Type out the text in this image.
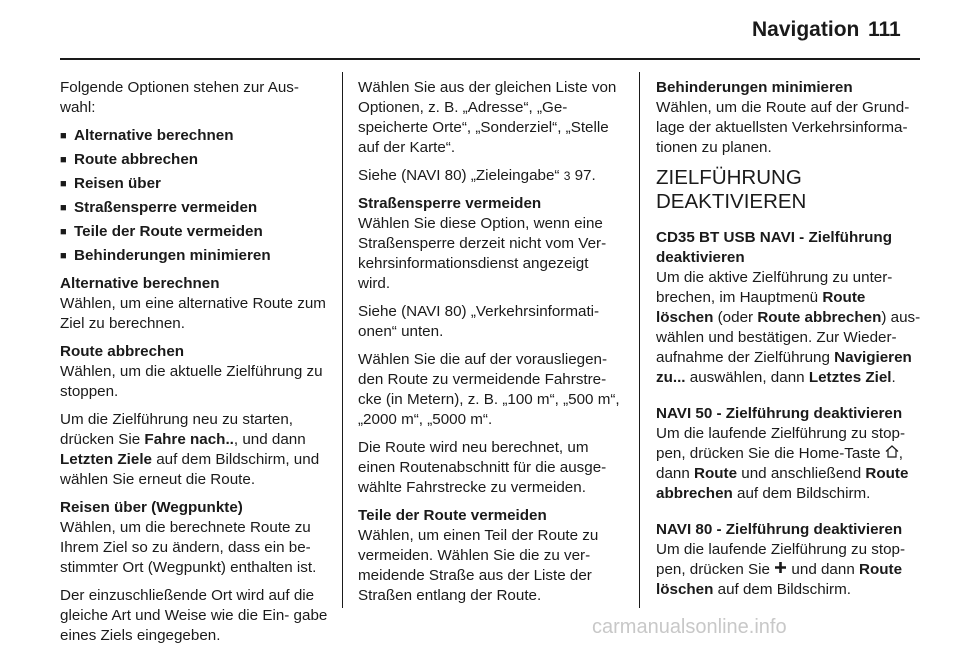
Navigation 111

Folgende Optionen stehen zur Aus- wahl:

■ Alternative berechnen
■ Route abbrechen
■ Reisen über
■ Straßensperre vermeiden
■ Teile der Route vermeiden
■ Behinderungen minimieren
Alternative berechnen
Wählen, um eine alternative Route zum Ziel zu berechnen.
Route abbrechen
Wählen, um die aktuelle Zielführung zu stoppen.

Um die Zielführung neu zu starten, drücken Sie Fahre nach.., und dann Letzten Ziele auf dem Bildschirm, und wählen Sie erneut die Route.

Reisen über (Wegpunkte)
Wählen, um die berechnete Route zu Ihrem Ziel so zu ändern, dass ein be- stimmter Ort (Wegpunkt) enthalten ist.

Der einzuschließende Ort wird auf die gleiche Art und Weise wie die Ein- gabe eines Ziels eingegeben.

Wählen Sie aus der gleichen Liste von Optionen, z. B. „Adresse“, „Ge- speicherte Orte“, „Sonderziel“, „Stelle auf der Karte“.

Siehe (NAVI 80) „Zieleingabe“ 3 97.

Straßensperre vermeiden
Wählen Sie diese Option, wenn eine Straßensperre derzeit nicht vom Ver- kehrsinformationsdienst angezeigt wird.

Siehe (NAVI 80) „Verkehrsinformati- onen“ unten.

Wählen Sie die auf der vorausliegen- den Route zu vermeidende Fahrstre- cke (in Metern), z. B. „100 m“, „500 m“, „2000 m“, „5000 m“.

Die Route wird neu berechnet, um einen Routenabschnitt für die ausge- wählte Fahrstrecke zu vermeiden.

Teile der Route vermeiden
Wählen, um einen Teil der Route zu vermeiden. Wählen Sie die zu ver- meidende Straße aus der Liste der Straßen entlang der Route.
Behinderungen minimieren
Wählen, um die Route auf der Grund- lage der aktuellsten Verkehrsinforma- tionen zu planen.
ZIELFÜHRUNG DEAKTIVIEREN
CD35 BT USB NAVI - Zielführung deaktivieren
Um die aktive Zielführung zu unter- brechen, im Hauptmenü Route löschen (oder Route abbrechen) aus- wählen und bestätigen. Zur Wieder- aufnahme der Zielführung Navigieren zu... auswählen, dann Letztes Ziel.
NAVI 50 - Zielführung deaktivieren
Um die laufende Zielführung zu stop- pen, drücken Sie die Home-Taste , dann Route und anschließend Route abbrechen auf dem Bildschirm.
NAVI 80 - Zielführung deaktivieren
Um die laufende Zielführung zu stop- pen, drücken Sie  und dann Route löschen auf dem Bildschirm.
carmanualsonline.info
